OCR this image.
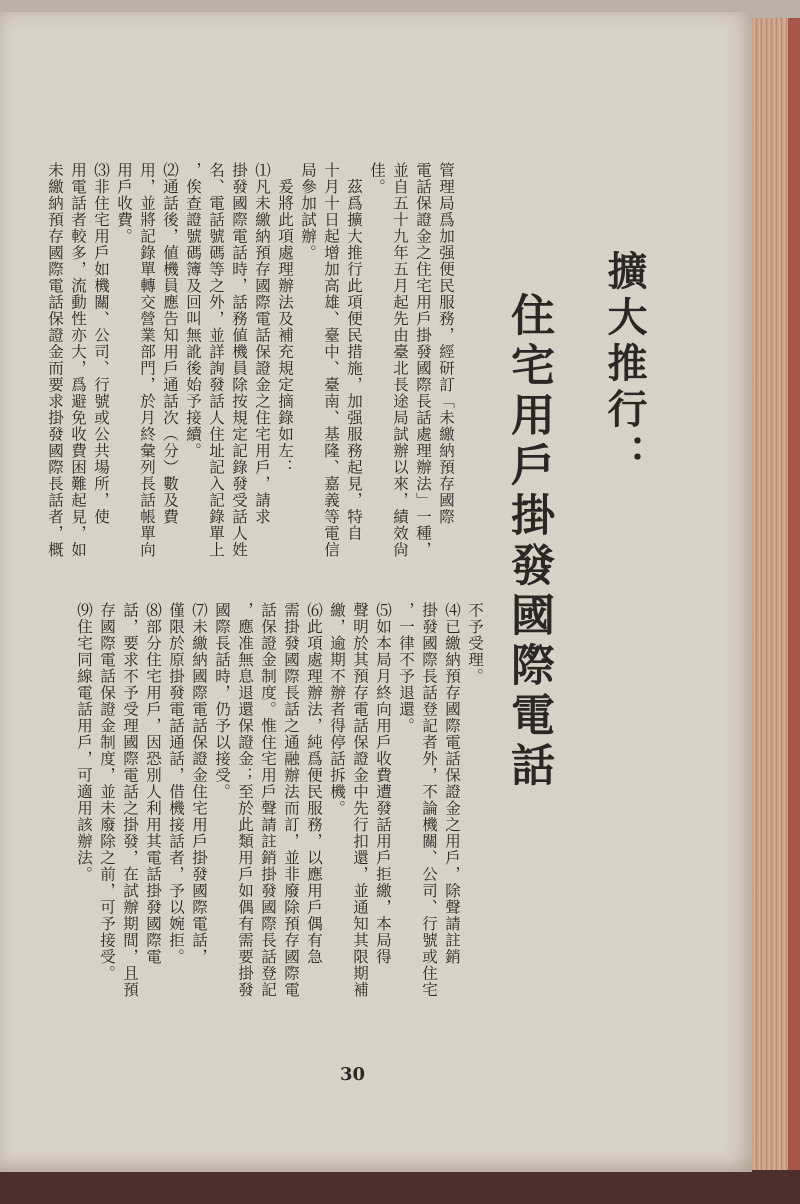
擴大推行：
住宅用戶掛發國際電話
管理局爲加强便民服務，經研訂「未繳納預存國際
電話保證金之住宅用戶掛發國際長話處理辦法」一種，
並自五十九年五月起先由臺北長途局試辦以來，績效尙
佳。
　茲爲擴大推行此項便民措施，加强服務起見，特自
十月十日起增加高雄、臺中、臺南、基隆、嘉義等電信
局參加試辦。
　爰將此項處理辦法及補充規定摘錄如左：
⑴凡未繳納預存國際電話保證金之住宅用戶，請求
掛發國際電話時，話務値機員除按規定記錄發受話人姓
名、電話號碼等之外，並詳詢發話人住址記入記錄單上
，俟查證號碼簿及回叫無訛後始予接續。
⑵通話後，値機員應告知用戶通話次（分）數及費
用，並將記錄單轉交營業部門，於月終彙列長話帳單向
用戶收費。
⑶非住宅用戶如機關、公司、行號或公共場所，使
用電話者較多，流動性亦大，爲避免收費困難起見，如
未繳納預存國際電話保證金而要求掛發國際長話者，概
不予受理。
⑷已繳納預存國際電話保證金之用戶，除聲請註銷
掛發國際長話登記者外，不論機關、公司、行號或住宅
，一律不予退還。
⑸如本局月終向用戶收費遭發話用戶拒繳，本局得
聲明於其預存電話保證金中先行扣還，並通知其限期補
繳，逾期不辦者得停話拆機。
⑹此項處理辦法，純爲便民服務，以應用戶偶有急
需掛發國際長話之通融辦法而訂，並非廢除預存國際電
話保證金制度。惟住宅用戶聲請註銷掛發國際長話登記
，應准無息退還保證金；至於此類用戶如偶有需要掛發
國際長話時，仍予以接受。
⑺未繳納國際電話保證金住宅用戶掛發國際電話，
僅限於原掛發電話通話，借機接話者，予以婉拒。
⑻部分住宅用戶，因恐別人利用其電話掛發國際電
話，要求不予受理國際電話之掛發，在試辦期間，且預
存國際電話保證金制度，並未廢除之前，可予接受。
⑼住宅同線電話用戶，可適用該辦法。
30
